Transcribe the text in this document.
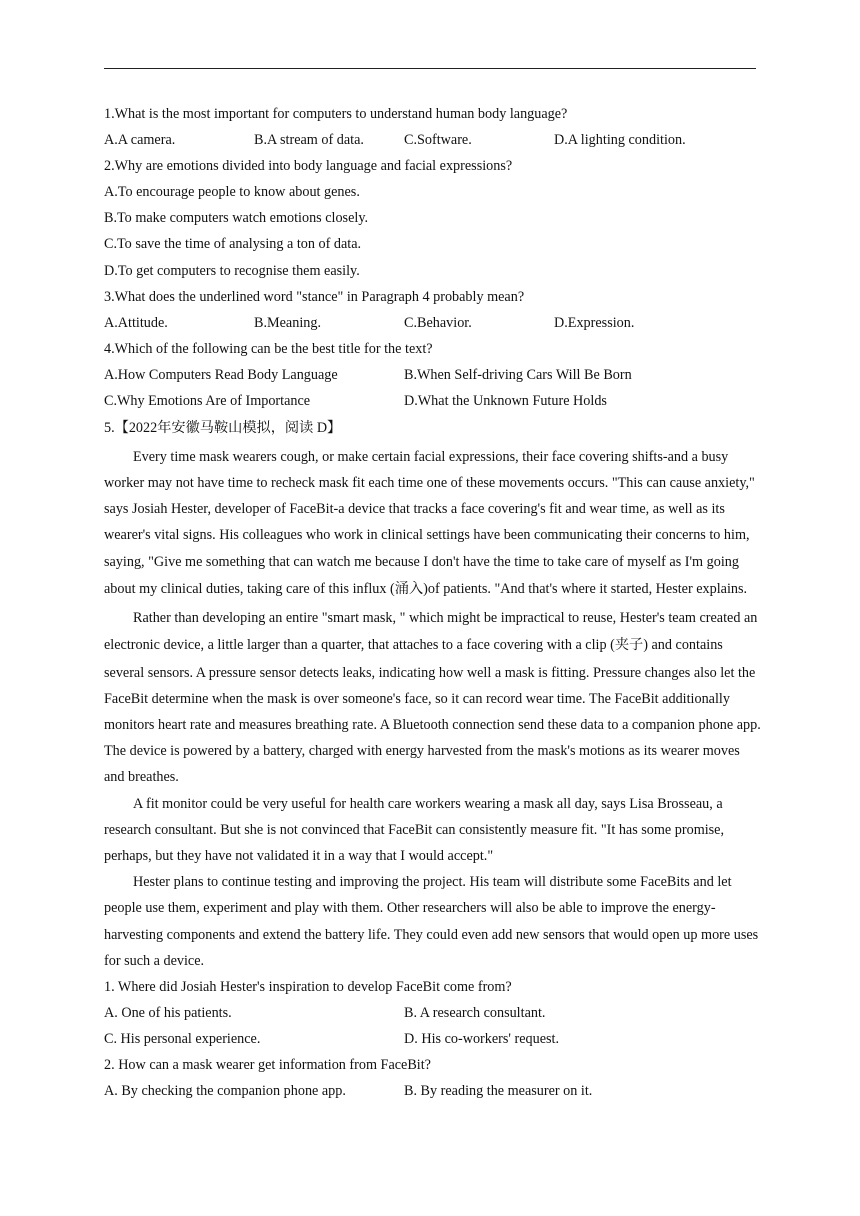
1.What is the most important for computers to understand human body language?
A.A camera.	B.A stream of data.	C.Software.	D.A lighting condition.
2.Why are emotions divided into body language and facial expressions?
A.To encourage people to know about genes.
B.To make computers watch emotions closely.
C.To save the time of analysing a ton of data.
D.To get computers to recognise them easily.
3.What does the underlined word "stance" in Paragraph 4 probably mean?
A.Attitude.	B.Meaning.	C.Behavior.	D.Expression.
4.Which of the following can be the best title for the text?
A.How Computers Read Body Language	B.When Self-driving Cars Will Be Born
C.Why Emotions Are of Importance	D.What the Unknown Future Holds
5.【2022年安徽马鞍山模拟，阅读 D】
Every time mask wearers cough, or make certain facial expressions, their face covering shifts-and a busy
worker may not have time to recheck mask fit each time one of these movements occurs. "This can cause anxiety,"
says Josiah Hester, developer of FaceBit-a device that tracks a face covering's fit and wear time, as well as its
wearer's vital signs. His colleagues who work in clinical settings have been communicating their concerns to him,
saying, "Give me something that can watch me because I don't have the time to take care of myself as I'm going
about my clinical duties, taking care of this influx (涌入)of patients. "And that's where it started, Hester explains.
Rather than developing an entire "smart mask, " which might be impractical to reuse, Hester's team created an
electronic device, a little larger than a quarter, that attaches to a face covering with a clip (夹子) and contains
several sensors. A pressure sensor detects leaks, indicating how well a mask is fitting. Pressure changes also let the
FaceBit determine when the mask is over someone's face, so it can record wear time. The FaceBit additionally
monitors heart rate and measures breathing rate. A Bluetooth connection send these data to a companion phone app.
The device is powered by a battery, charged with energy harvested from the mask's motions as its wearer moves
and breathes.
A fit monitor could be very useful for health care workers wearing a mask all day, says Lisa Brosseau, a
research consultant. But she is not convinced that FaceBit can consistently measure fit. "It has some promise,
perhaps, but they have not validated it in a way that I would accept."
Hester plans to continue testing and improving the project. His team will distribute some FaceBits and let
people use them, experiment and play with them. Other researchers will also be able to improve the energy-
harvesting components and extend the battery life. They could even add new sensors that would open up more uses
for such a device.
1. Where did Josiah Hester's inspiration to develop FaceBit come from?
A. One of his patients.	B. A research consultant.
C. His personal experience.	D. His co-workers' request.
2. How can a mask wearer get information from FaceBit?
A. By checking the companion phone app.	B. By reading the measurer on it.
